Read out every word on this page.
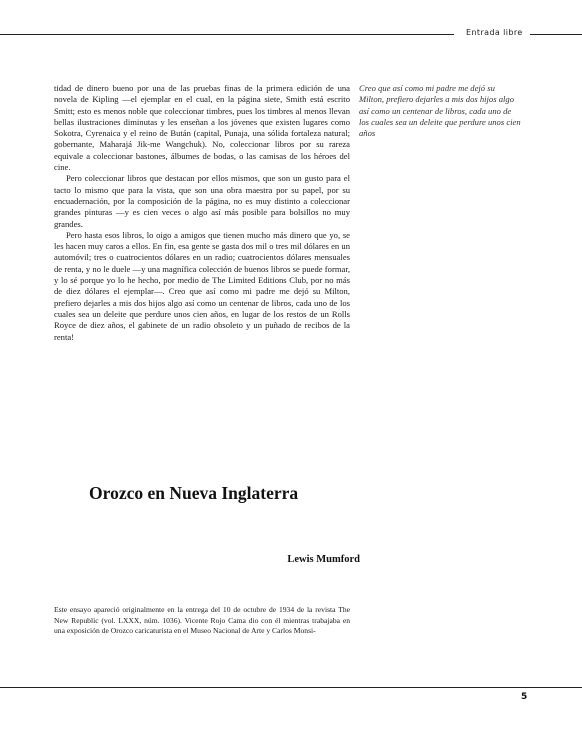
Entrada libre

tidad de dinero bueno por una de las pruebas finas de la primera edición de una novela de Kipling —el ejemplar en el cual, en la página siete, Smith está escrito Smitt; esto es menos noble que coleccionar timbres, pues los timbres al menos llevan bellas ilustraciones diminutas y les enseñan a los jóvenes que existen lugares como Sokotra, Cyrenaica y el reino de Bután (capital, Punaja, una sólida fortaleza natural; gobernante, Maharajá Jik-me Wangchuk). No, coleccionar libros por su rareza equivale a coleccionar bastones, álbumes de bodas, o las camisas de los héroes del cine.

Pero coleccionar libros que destacan por ellos mismos, que son un gusto para el tacto lo mismo que para la vista, que son una obra maestra por su papel, por su encuadernación, por la composición de la página, no es muy distinto a coleccionar grandes pinturas —y es cien veces o algo así más posible para bolsillos no muy grandes.

Pero hasta esos libros, lo oigo a amigos que tienen mucho más dinero que yo, se les hacen muy caros a ellos. En fin, esa gente se gasta dos mil o tres mil dólares en un automóvil; tres o cuatrocientos dólares en un radio; cuatrocientos dólares mensuales de renta, y no le duele —y una magnífica colección de buenos libros se puede formar, y lo sé porque yo lo he hecho, por medio de The Limited Editions Club, por no más de diez dólares el ejemplar—. Creo que así como mi padre me dejó su Milton, prefiero dejarles a mis dos hijos algo así como un centenar de libros, cada uno de los cuales sea un deleite que perdure unos cien años, en lugar de los restos de un Rolls Royce de diez años, el gabinete de un radio obsoleto y un puñado de recibos de la renta!

Creo que así como mi padre me dejó su Milton, prefiero dejarles a mis dos hijos algo así como un centenar de libros, cada uno de los cuales sea un deleite que perdure unos cien años
Orozco en Nueva Inglaterra
Lewis Mumford

Este ensayo apareció originalmente en la entrega del 10 de octubre de 1934 de la revista The New Republic (vol. LXXX, núm. 1036). Vicente Rojo Cama dio con él mientras trabajaba en una exposición de Orozco caricaturista en el Museo Nacional de Arte y Carlos Monsi-

5
